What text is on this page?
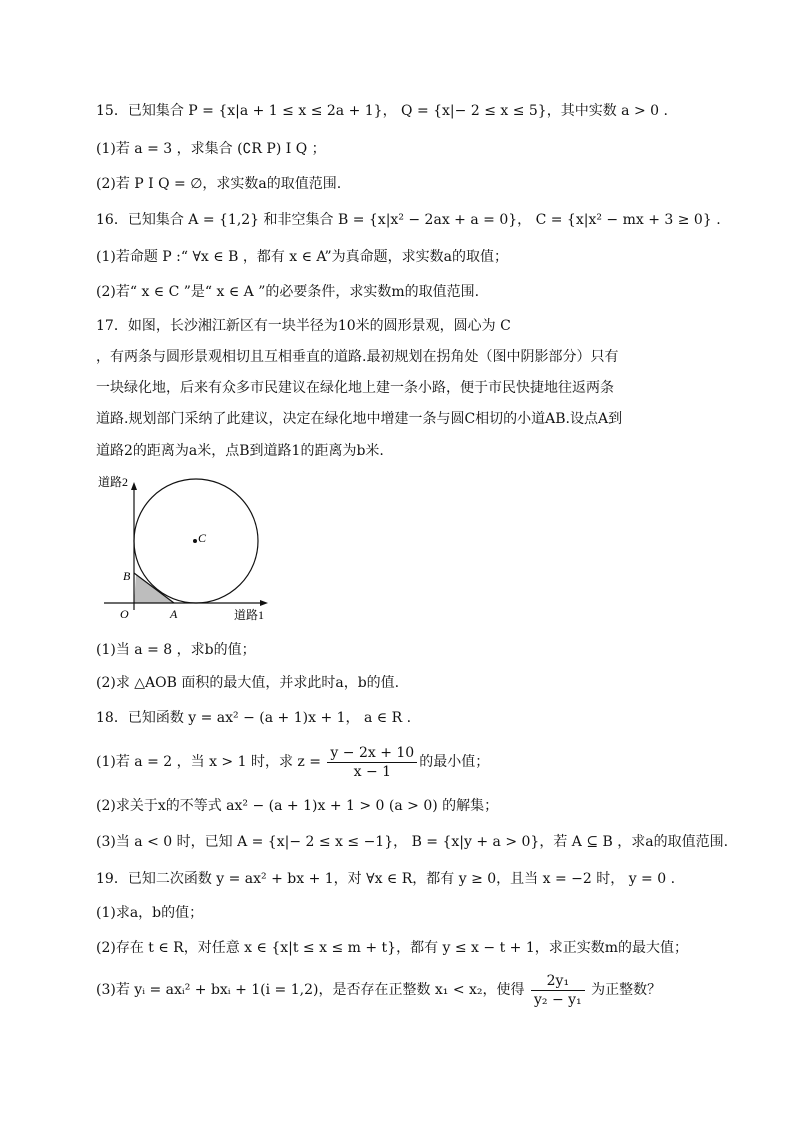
15．已知集合 P = {x|a + 1 ≤ x ≤ 2a + 1}， Q = {x|− 2 ≤ x ≤ 5}，其中实数 a > 0 .
(1)若 a = 3 ，求集合 (∁R P) I Q ；
(2)若 P I Q = ∅，求实数a的取值范围.
16．已知集合 A = {1,2} 和非空集合 B = {x|x² − 2ax + a = 0}， C = {x|x² − mx + 3 ≥ 0} .
(1)若命题 P :“ ∀x ∈ B ，都有 x ∈ A”为真命题，求实数a的取值；
(2)若“ x ∈ C ”是“ x ∈ A ”的必要条件，求实数m的取值范围.
17．如图，长沙湘江新区有一块半径为10米的圆形景观，圆心为 C
，有两条与圆形景观相切且互相垂直的道路.最初规划在拐角处（图中阴影部分）只有
一块绿化地，后来有众多市民建议在绿化地上建一条小路，便于市民快捷地往返两条
道路.规划部门采纳了此建议，决定在绿化地中增建一条与圆C相切的小道AB.设点A到
道路2的距离为a米，点B到道路1的距离为b米.
道路2
道路1
C
B
O	A
(1)当 a = 8 ，求b的值；
(2)求 △AOB 面积的最大值，并求此时a，b的值.
18．已知函数 y = ax² − (a + 1)x + 1， a ∈ R .
(1)若 a = 2 ，当 x > 1 时，求 $z = \frac{y - 2x + 10}{x - 1}$ 的最小值；
(2)求关于x的不等式 ax² − (a + 1)x + 1 > 0 (a > 0) 的解集；
(3)当 a < 0 时，已知 A = {x|− 2 ≤ x ≤ −1}， B = {x|y + a > 0}，若 A ⊆ B ，求a的取值范围.
19．已知二次函数 y = ax² + bx + 1，对 ∀x ∈ R，都有 y ≥ 0，且当 x = −2 时， y = 0 .
(1)求a，b的值；
(2)存在 t ∈ R，对任意 x ∈ {x|t ≤ x ≤ m + t}，都有 y ≤ x − t + 1，求正实数m的最大值；
(3)若 yᵢ = axᵢ² + bxᵢ + 1(i = 1,2)，是否存在正整数 x₁ < x₂，使得 $\frac{\text{2y₁}}{\text{y₂ − y₁}}$ 为正整数？
